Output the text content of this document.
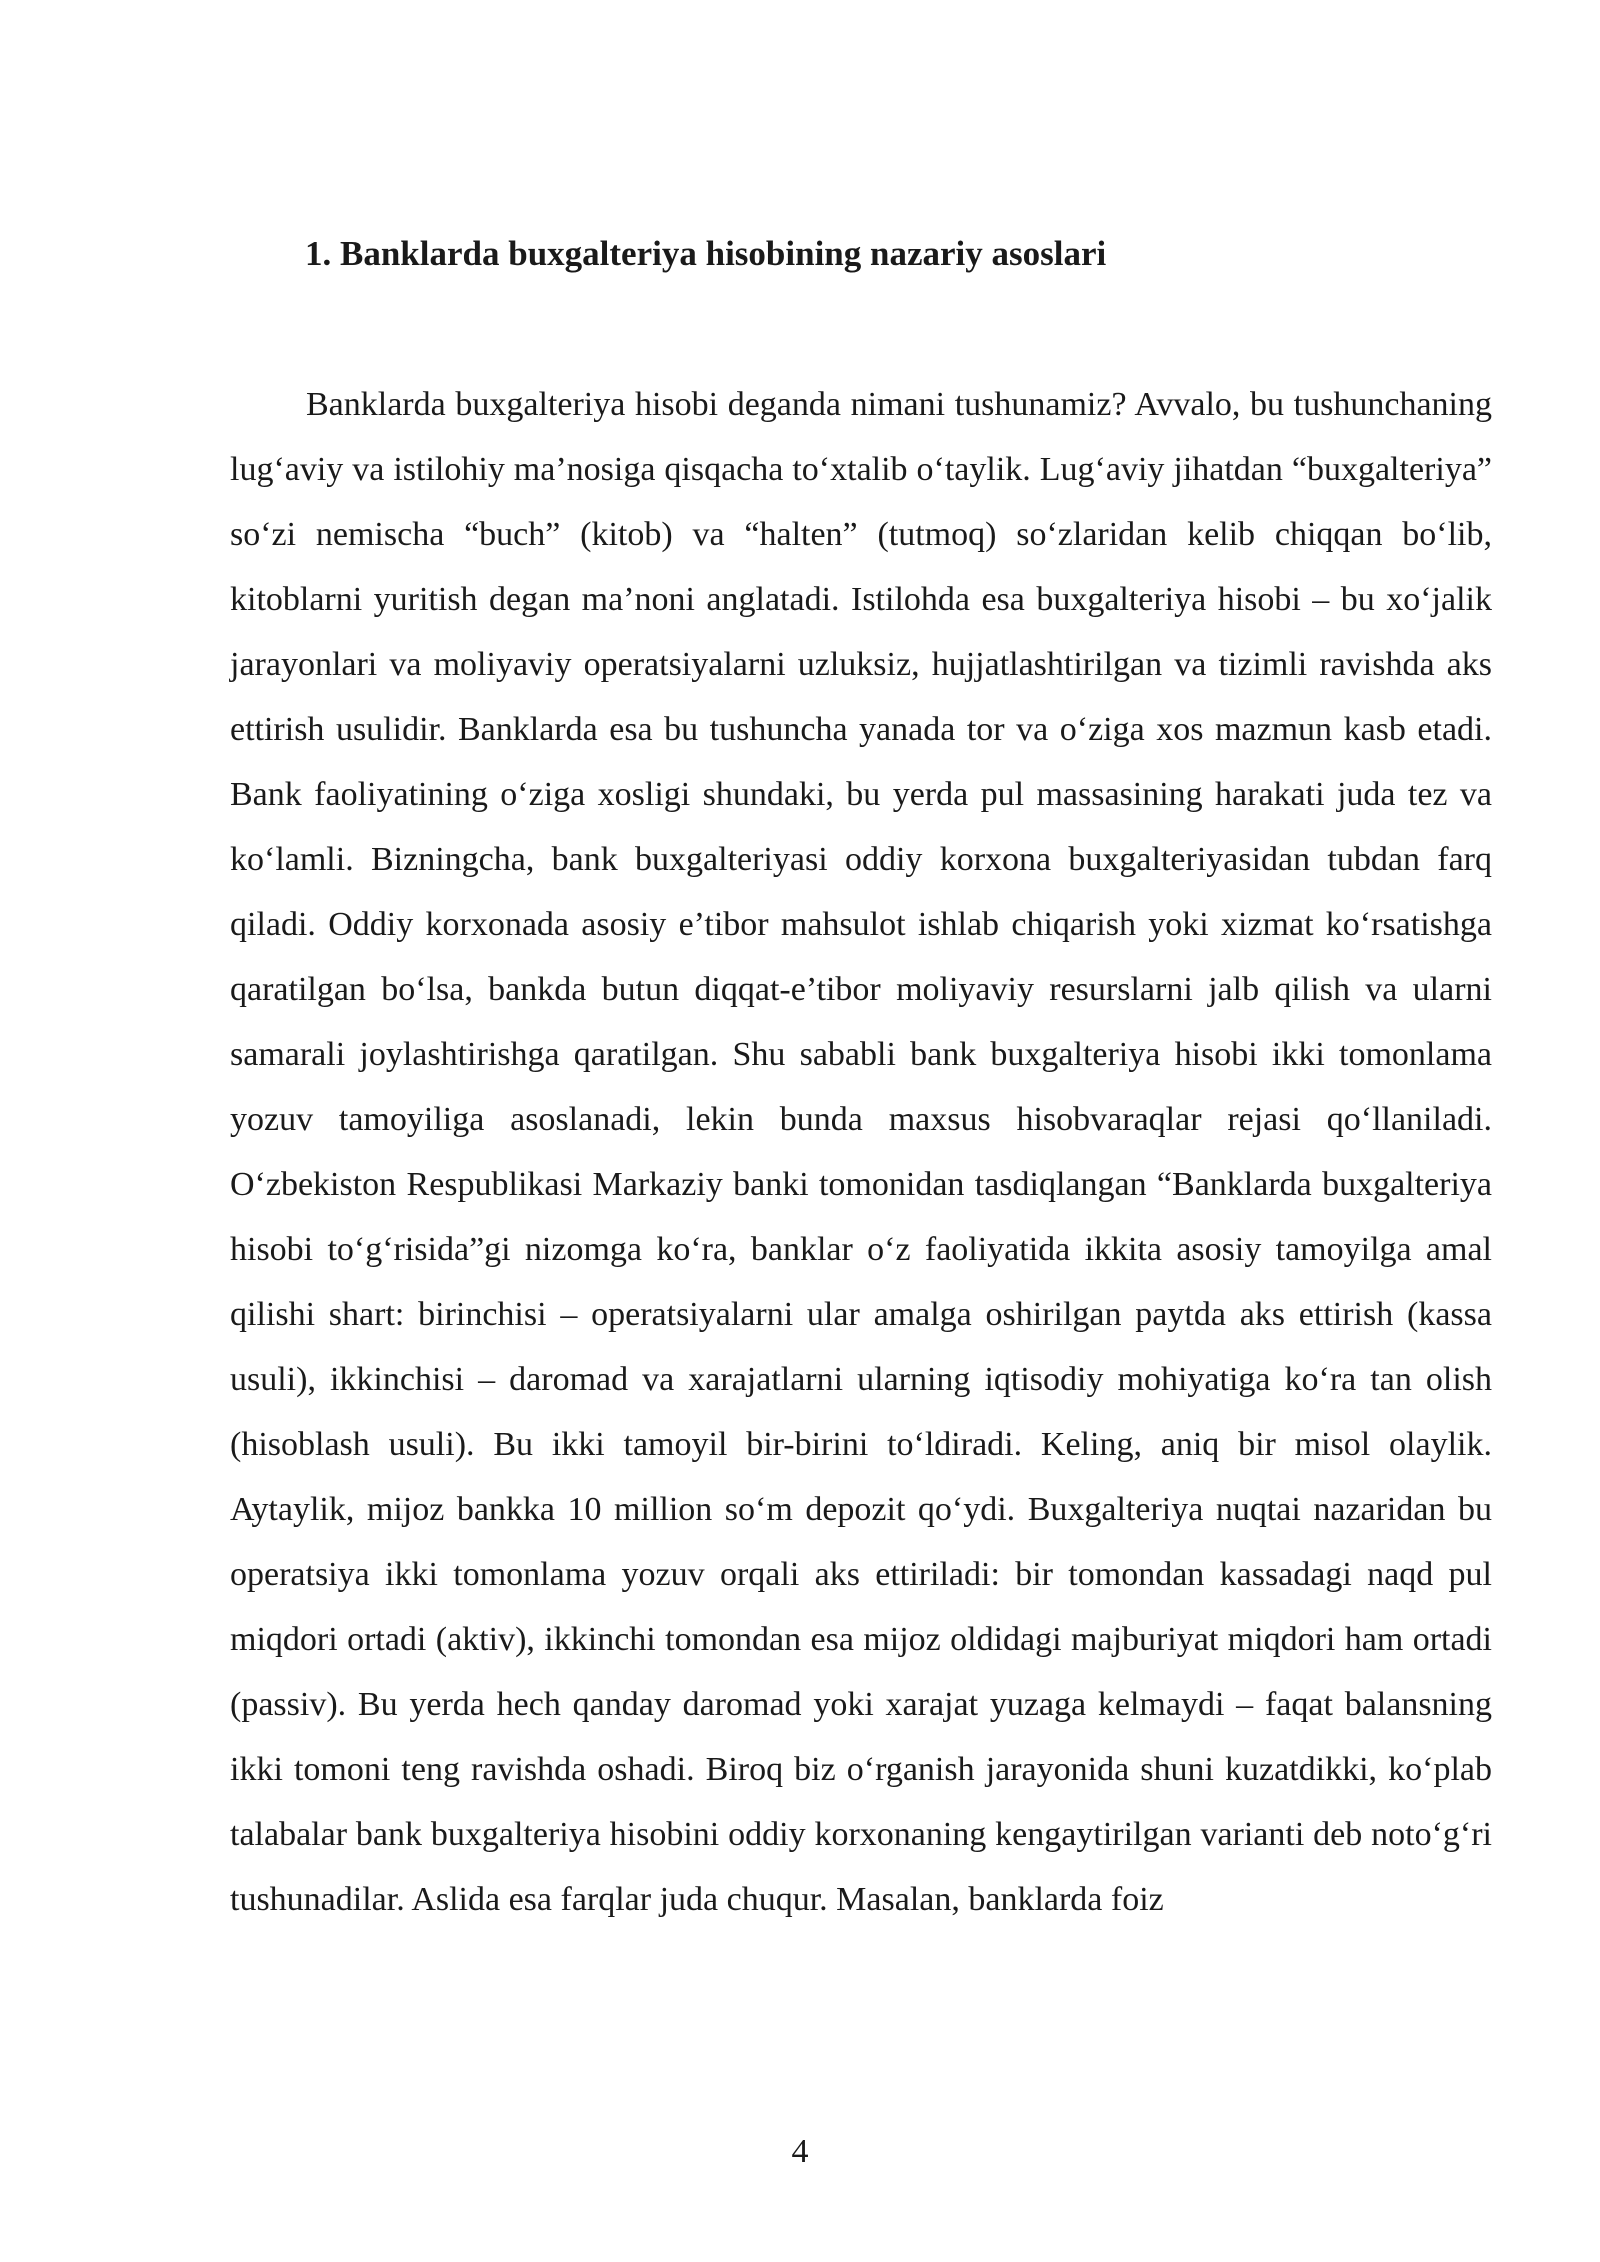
1. Banklarda buxgalteriya hisobining nazariy asoslari

Banklarda buxgalteriya hisobi deganda nimani tushunamiz? Avvalo, bu tushunchaning lug‘aviy va istilohiy ma’nosiga qisqacha to‘xtalib o‘taylik. Lug‘aviy jihatdan “buxgalteriya” so‘zi nemischa “buch” (kitob) va “halten” (tutmoq) so‘zlaridan kelib chiqqan bo‘lib, kitoblarni yuritish degan ma’noni anglatadi. Istilohda esa buxgalteriya hisobi – bu xo‘jalik jarayonlari va moliyaviy operatsiyalarni uzluksiz, hujjatlashtirilgan va tizimli ravishda aks ettirish usulidir. Banklarda esa bu tushuncha yanada tor va o‘ziga xos mazmun kasb etadi. Bank faoliyatining o‘ziga xosligi shundaki, bu yerda pul massasining harakati juda tez va ko‘lamli. Bizningcha, bank buxgalteriyasi oddiy korxona buxgalteriyasidan tubdan farq qiladi. Oddiy korxonada asosiy e’tibor mahsulot ishlab chiqarish yoki xizmat ko‘rsatishga qaratilgan bo‘lsa, bankda butun diqqat-e’tibor moliyaviy resurslarni jalb qilish va ularni samarali joylashtirishga qaratilgan. Shu sababli bank buxgalteriya hisobi ikki tomonlama yozuv tamoyiliga asoslanadi, lekin bunda maxsus hisobvaraqlar rejasi qo‘llaniladi. O‘zbekiston Respublikasi Markaziy banki tomonidan tasdiqlangan “Banklarda buxgalteriya hisobi to‘g‘risida”gi nizomga ko‘ra, banklar o‘z faoliyatida ikkita asosiy tamoyilga amal qilishi shart: birinchisi – operatsiyalarni ular amalga oshirilgan paytda aks ettirish (kassa usuli), ikkinchisi – daromad va xarajatlarni ularning iqtisodiy mohiyatiga ko‘ra tan olish (hisoblash usuli). Bu ikki tamoyil bir-birini to‘ldiradi. Keling, aniq bir misol olaylik. Aytaylik, mijoz bankka 10 million so‘m depozit qo‘ydi. Buxgalteriya nuqtai nazaridan bu operatsiya ikki tomonlama yozuv orqali aks ettiriladi: bir tomondan kassadagi naqd pul miqdori ortadi (aktiv), ikkinchi tomondan esa mijoz oldidagi majburiyat miqdori ham ortadi (passiv). Bu yerda hech qanday daromad yoki xarajat yuzaga kelmaydi – faqat balansning ikki tomoni teng ravishda oshadi. Biroq biz o‘rganish jarayonida shuni kuzatdikki, ko‘plab talabalar bank buxgalteriya hisobini oddiy korxonaning kengaytirilgan varianti deb noto‘g‘ri tushunadilar. Aslida esa farqlar juda chuqur. Masalan, banklarda foiz

4
